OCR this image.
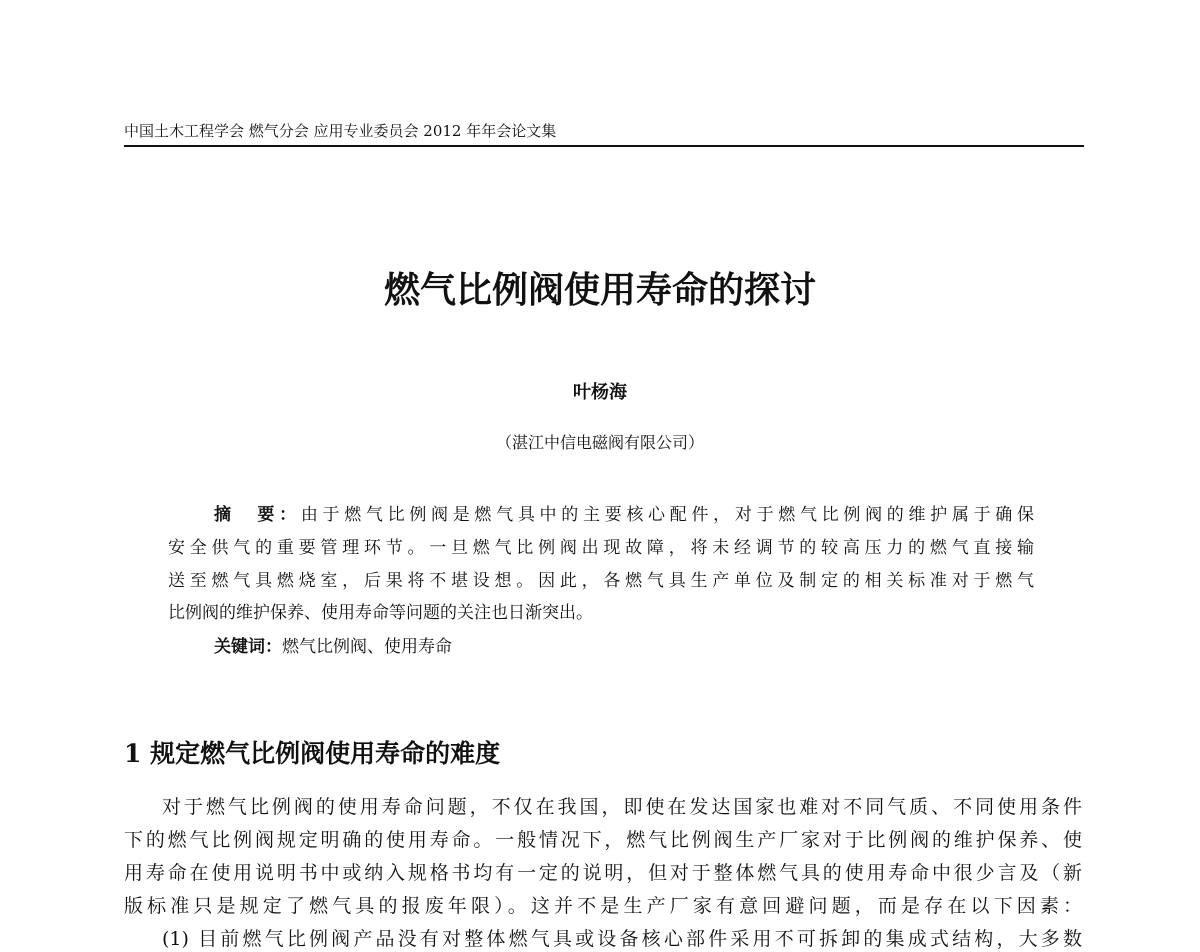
中国土木工程学会 燃气分会 应用专业委员会 2012 年年会论文集
燃气比例阀使用寿命的探讨
叶杨海
（湛江中信电磁阀有限公司）
摘　要：由于燃气比例阀是燃气具中的主要核心配件，对于燃气比例阀的维护属于确保
安全供气的重要管理环节。一旦燃气比例阀出现故障，将未经调节的较高压力的燃气直接输
送至燃气具燃烧室，后果将不堪设想。因此，各燃气具生产单位及制定的相关标准对于燃气
比例阀的维护保养、使用寿命等问题的关注也日渐突出。
关键词：燃气比例阀、使用寿命
1 规定燃气比例阀使用寿命的难度
对于燃气比例阀的使用寿命问题，不仅在我国，即使在发达国家也难对不同气质、不同使用条件
下的燃气比例阀规定明确的使用寿命。一般情况下，燃气比例阀生产厂家对于比例阀的维护保养、使
用寿命在使用说明书中或纳入规格书均有一定的说明，但对于整体燃气具的使用寿命中很少言及（新
版标准只是规定了燃气具的报废年限）。这并不是生产厂家有意回避问题，而是存在以下因素：
(1) 目前燃气比例阀产品没有对整体燃气具或设备核心部件采用不可拆卸的集成式结构，大多数
